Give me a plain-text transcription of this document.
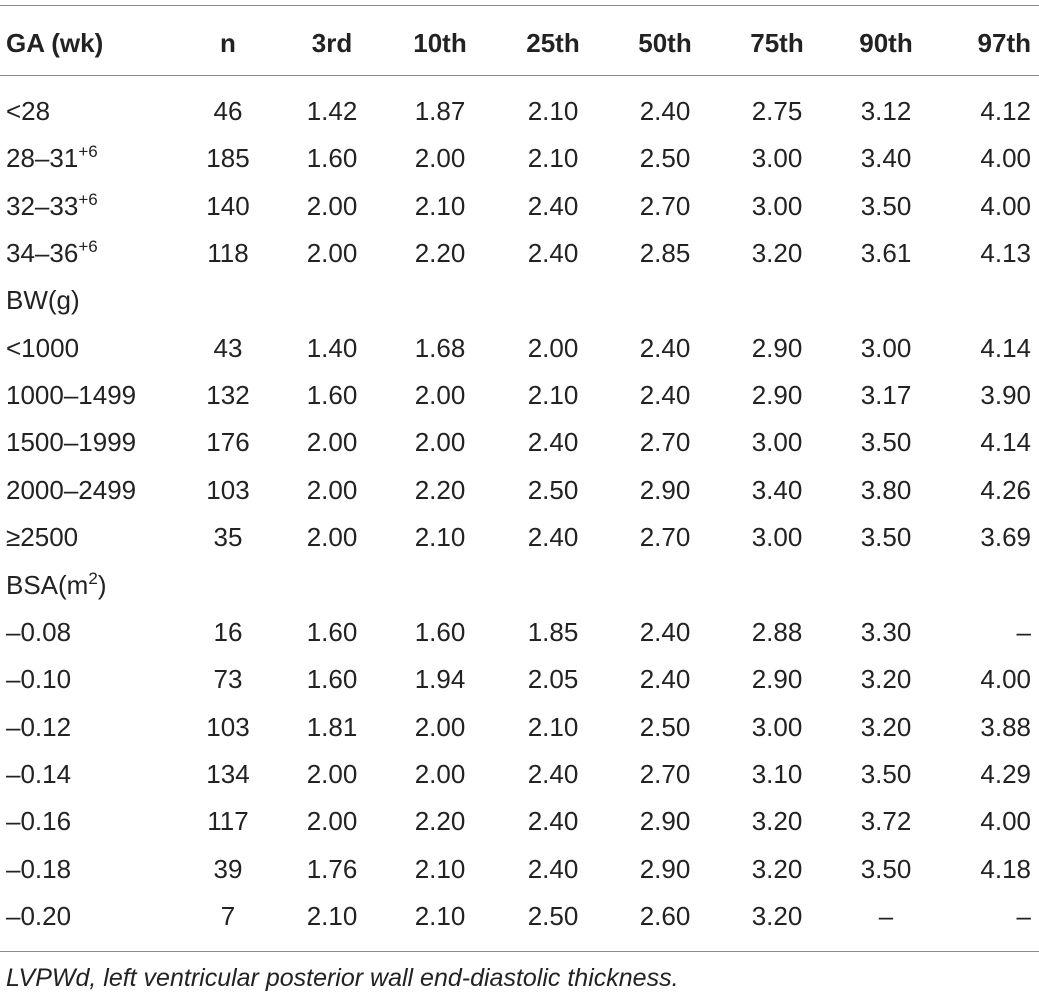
GA (wk)	n	3rd	10th	25th	50th	75th	90th	97th
<28	46	1.42	1.87	2.10	2.40	2.75	3.12	4.12
$28-31^{+6}$	185	1.60	2.00	2.10	2.50	3.00	3.40	4.00
$32-33^{+6}$	140	2.00	2.10	2.40	2.70	3.00	3.50	4.00
$34-36^{+6}$	118	2.00	2.20	2.40	2.85	3.20	3.61	4.13
BW(g)
<1000	43	1.40	1.68	2.00	2.40	2.90	3.00	4.14
1000–1499	132	1.60	2.00	2.10	2.40	2.90	3.17	3.90
1500–1999	176	2.00	2.00	2.40	2.70	3.00	3.50	4.14
2000–2499	103	2.00	2.20	2.50	2.90	3.40	3.80	4.26
≥2500	35	2.00	2.10	2.40	2.70	3.00	3.50	3.69
$BSA(m^2)$
–0.08	16	1.60	1.60	1.85	2.40	2.88	3.30	–
–0.10	73	1.60	1.94	2.05	2.40	2.90	3.20	4.00
–0.12	103	1.81	2.00	2.10	2.50	3.00	3.20	3.88
–0.14	134	2.00	2.00	2.40	2.70	3.10	3.50	4.29
–0.16	117	2.00	2.20	2.40	2.90	3.20	3.72	4.00
–0.18	39	1.76	2.10	2.40	2.90	3.20	3.50	4.18
–0.20	7	2.10	2.10	2.50	2.60	3.20	–	–
LVPWd, left ventricular posterior wall end-diastolic thickness.
